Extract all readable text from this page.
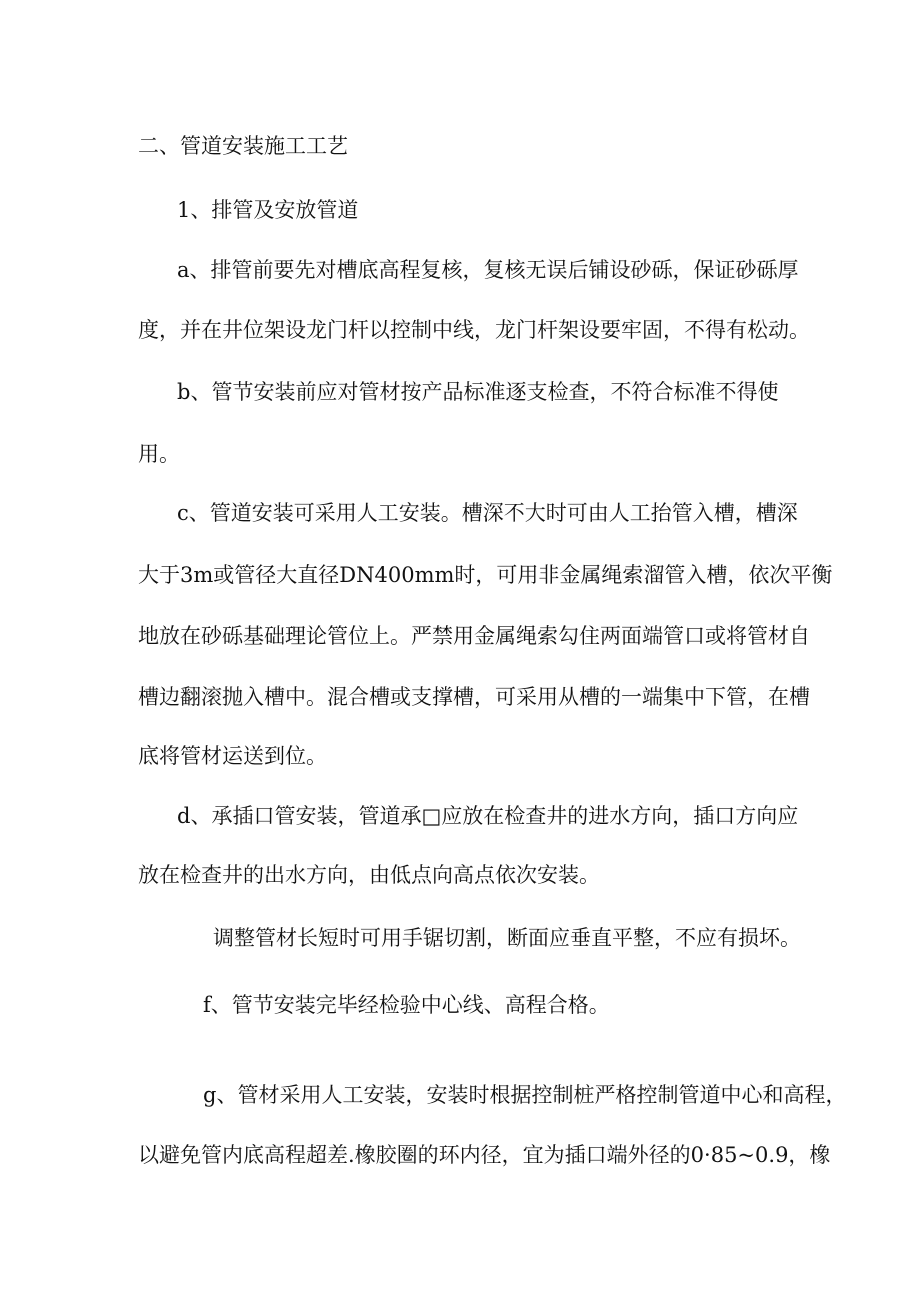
二、管道安装施工工艺
1、排管及安放管道
a、排管前要先对槽底高程复核，复核无误后铺设砂砾，保证砂砾厚
度，并在井位架设龙门杆以控制中线，龙门杆架设要牢固，不得有松动。
b、管节安装前应对管材按产品标准逐支检查，不符合标准不得使
用。
c、管道安装可采用人工安装。槽深不大时可由人工抬管入槽，槽深
大于3m或管径大直径DN400mm时，可用非金属绳索溜管入槽，依次平衡
地放在砂砾基础理论管位上。严禁用金属绳索勾住两面端管口或将管材自
槽边翻滚抛入槽中。混合槽或支撑槽，可采用从槽的一端集中下管，在槽
底将管材运送到位。
d、承插口管安装，管道承□应放在检查井的进水方向，插口方向应
放在检查井的出水方向，由低点向高点依次安装。
调整管材长短时可用手锯切割，断面应垂直平整，不应有损坏。
f、管节安装完毕经检验中心线、高程合格。
g、管材采用人工安装，安装时根据控制桩严格控制管道中心和高程，
以避免管内底高程超差.橡胶圈的环内径，宜为插口端外径的0·85~0.9，橡
